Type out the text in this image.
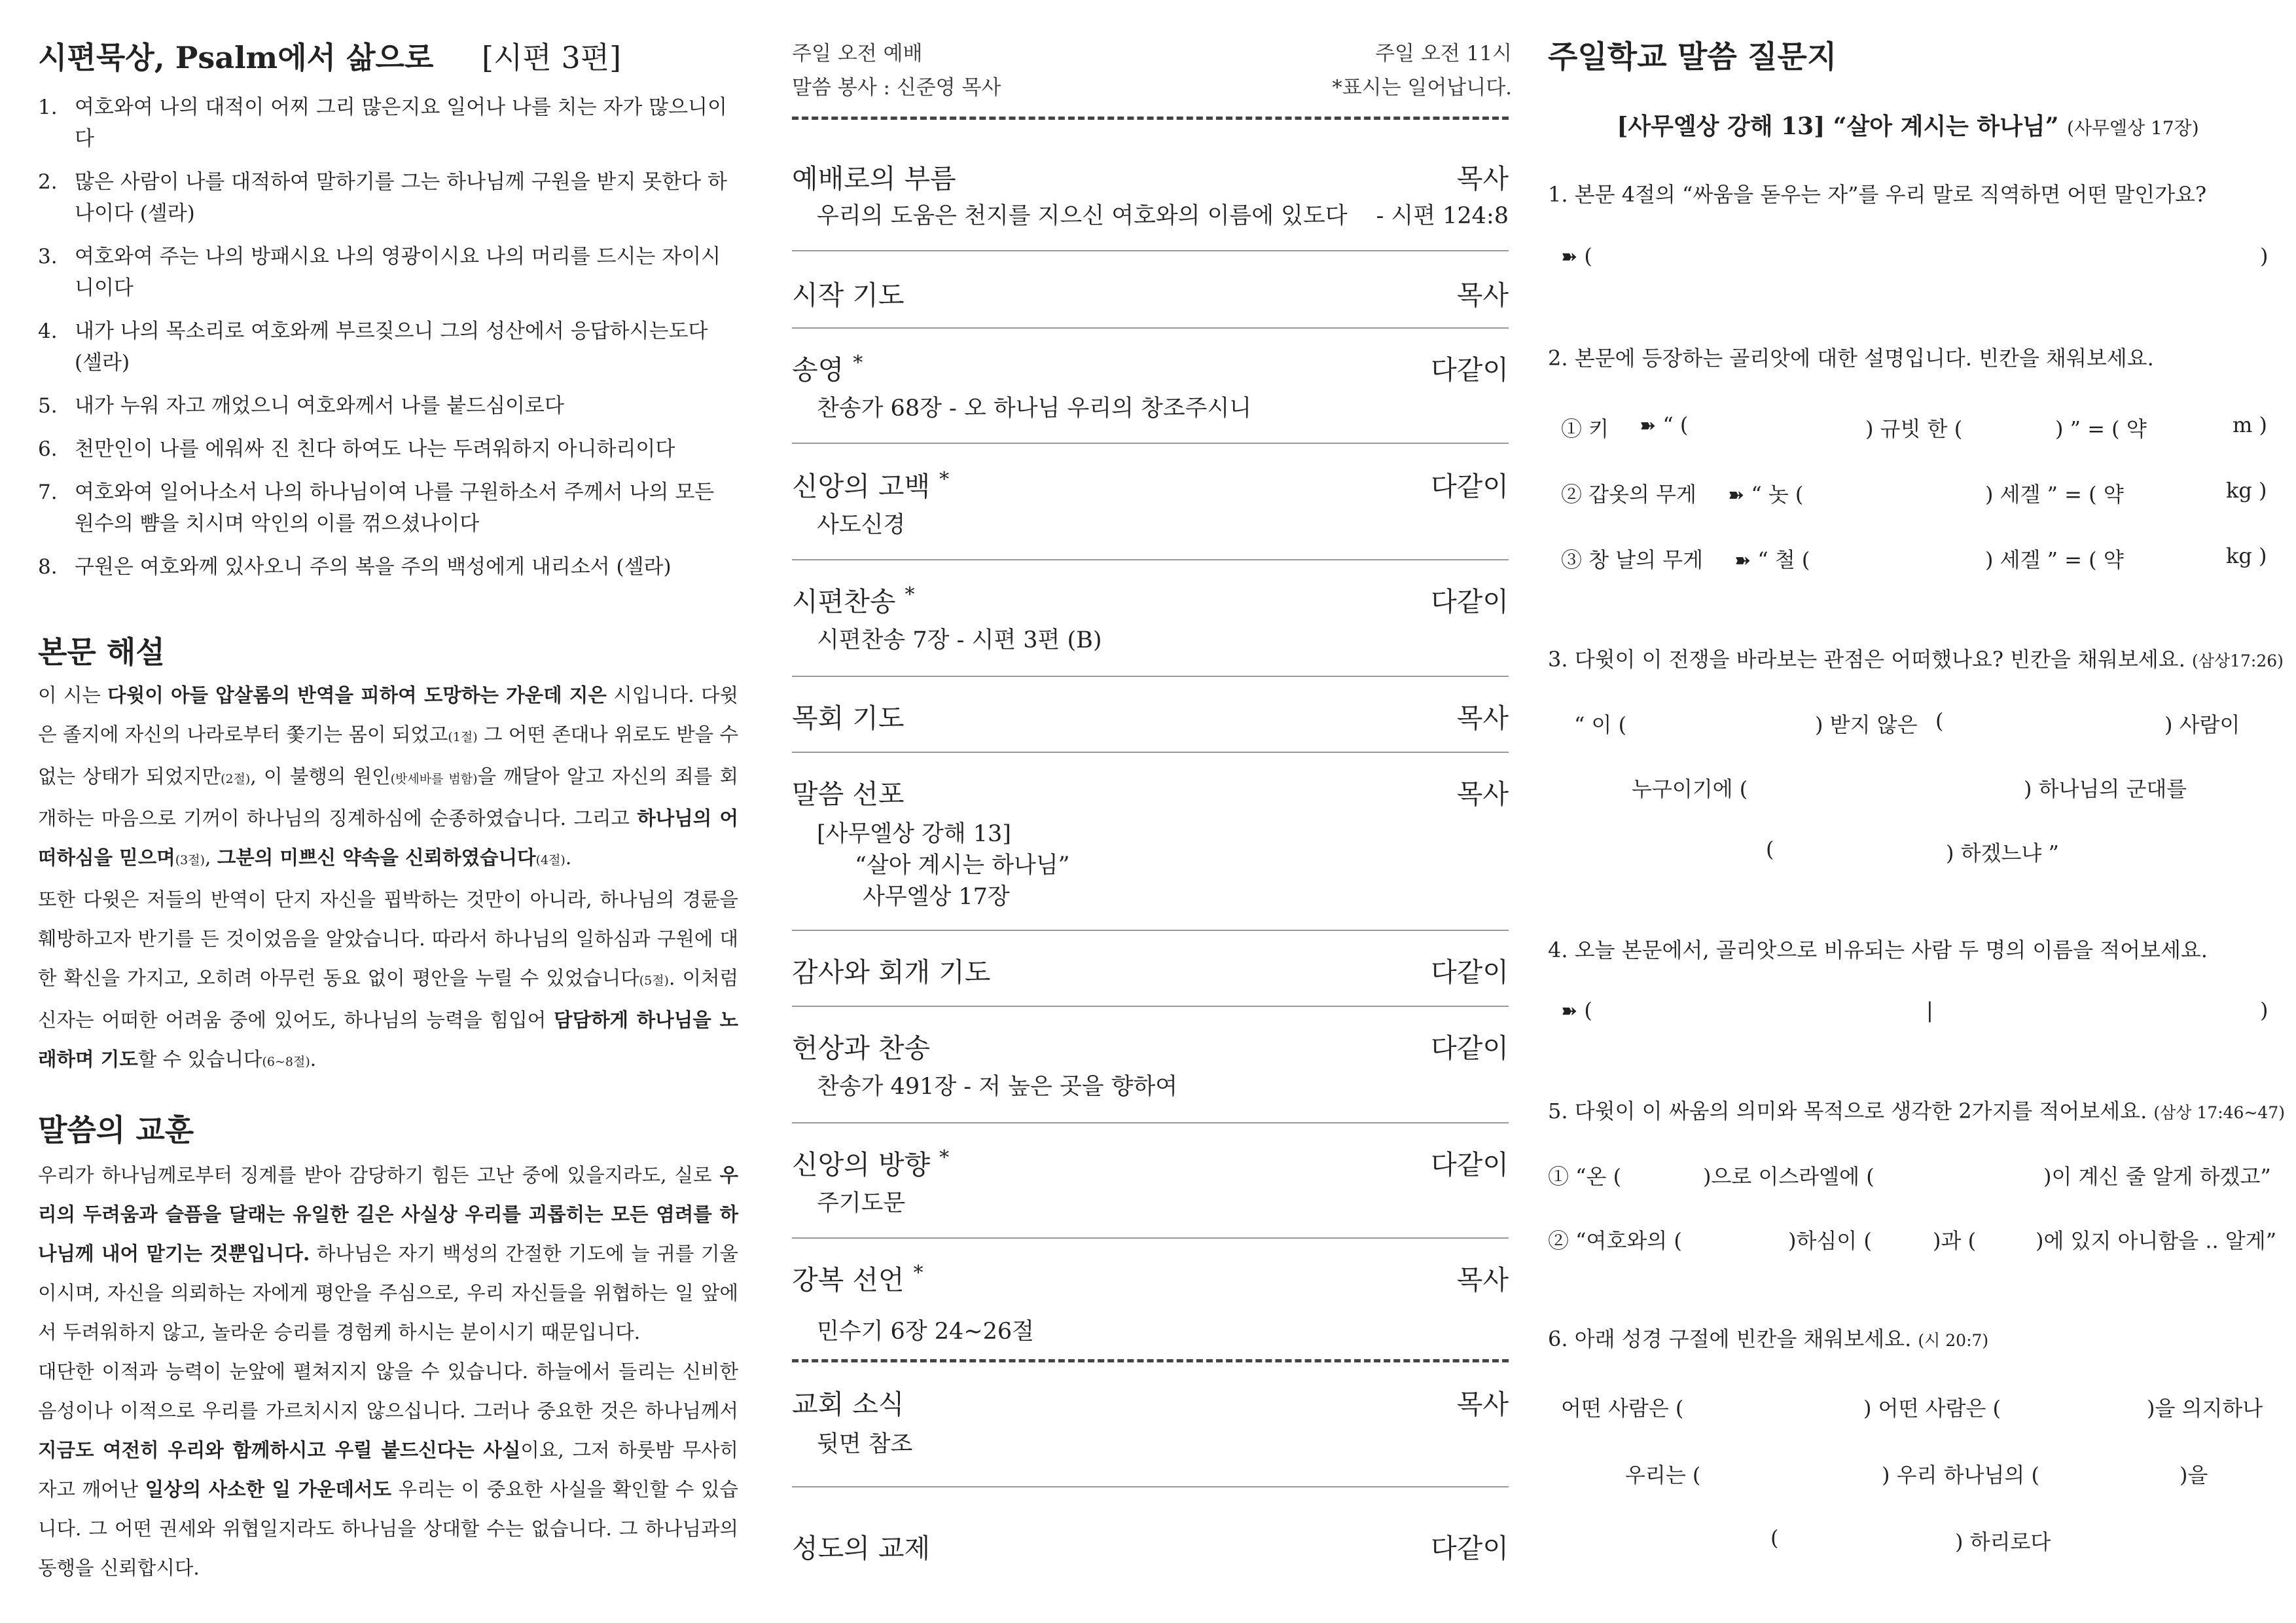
시편묵상, Psalm에서 삶으로 [시편 3편]
1. 여호와여 나의 대적이 어찌 그리 많은지요 일어나 나를 치는 자가 많으니이다
2. 많은 사람이 나를 대적하여 말하기를 그는 하나님께 구원을 받지 못한다 하나이다 (셀라)
3. 여호와여 주는 나의 방패시요 나의 영광이시요 나의 머리를 드시는 자이시니이다
4. 내가 나의 목소리로 여호와께 부르짖으니 그의 성산에서 응답하시는도다 (셀라)
5. 내가 누워 자고 깨었으니 여호와께서 나를 붙드심이로다
6. 천만인이 나를 에워싸 진 친다 하여도 나는 두려워하지 아니하리이다
7. 여호와여 일어나소서 나의 하나님이여 나를 구원하소서 주께서 나의 모든 원수의 뺨을 치시며 악인의 이를 꺾으셨나이다
8. 구원은 여호와께 있사오니 주의 복을 주의 백성에게 내리소서 (셀라)
본문 해설

이 시는 다윗이 아들 압살롬의 반역을 피하여 도망하는 가운데 지은 시입니다. 다윗은 졸지에 자신의 나라로부터 쫓기는 몸이 되었고(1절) 그 어떤 존대나 위로도 받을 수 없는 상태가 되었지만(2절), 이 불행의 원인(밧세바를 범함)을 깨달아 알고 자신의 죄를 회개하는 마음으로 기꺼이 하나님의 징계하심에 순종하였습니다. 그리고 하나님의 어떠하심을 믿으며(3절), 그분의 미쁘신 약속을 신뢰하였습니다(4절).

또한 다윗은 저들의 반역이 단지 자신을 핍박하는 것만이 아니라, 하나님의 경륜을 훼방하고자 반기를 든 것이었음을 알았습니다. 따라서 하나님의 일하심과 구원에 대한 확신을 가지고, 오히려 아무런 동요 없이 평안을 누릴 수 있었습니다(5절). 이처럼 신자는 어떠한 어려움 중에 있어도, 하나님의 능력을 힘입어 담담하게 하나님을 노래하며 기도할 수 있습니다(6~8절).

말씀의 교훈

우리가 하나님께로부터 징계를 받아 감당하기 힘든 고난 중에 있을지라도, 실로 우리의 두려움과 슬픔을 달래는 유일한 길은 사실상 우리를 괴롭히는 모든 염려를 하나님께 내어 맡기는 것뿐입니다. 하나님은 자기 백성의 간절한 기도에 늘 귀를 기울이시며, 자신을 의뢰하는 자에게 평안을 주심으로, 우리 자신들을 위협하는 일 앞에서 두려워하지 않고, 놀라운 승리를 경험케 하시는 분이시기 때문입니다.

대단한 이적과 능력이 눈앞에 펼쳐지지 않을 수 있습니다. 하늘에서 들리는 신비한 음성이나 이적으로 우리를 가르치시지 않으십니다. 그러나 중요한 것은 하나님께서 지금도 여전히 우리와 함께하시고 우릴 붙드신다는 사실이요, 그저 하룻밤 무사히 자고 깨어난 일상의 사소한 일 가운데서도 우리는 이 중요한 사실을 확인할 수 있습니다. 그 어떤 권세와 위협일지라도 하나님을 상대할 수는 없습니다. 그 하나님과의 동행을 신뢰합시다.

주일 오전 예배	주일 오전 11시
말씀 봉사 : 신준영 목사	*표시는 일어납니다.
예배로의 부름	목사
우리의 도움은 천지를 지으신 여호와의 이름에 있도다 - 시편 124:8
시작 기도	목사
송영 *	다같이
찬송가 68장 - 오 하나님 우리의 창조주시니
신앙의 고백 *	다같이
사도신경
시편찬송 *	다같이
시편찬송 7장 - 시편 3편 (B)
목회 기도	목사
말씀 선포	목사
[사무엘상 강해 13]
“살아 계시는 하나님”
사무엘상 17장
감사와 회개 기도	다같이
헌상과 찬송	다같이
찬송가 491장 - 저 높은 곳을 향하여
신앙의 방향 *	다같이
주기도문
강복 선언 *	목사
민수기 6장 24~26절
교회 소식	목사
뒷면 참조
성도의 교제	다같이
주일학교 말씀 질문지
[사무엘상 강해 13] “살아 계시는 하나님” (사무엘상 17장)
1. 본문 4절의 “싸움을 돋우는 자”를 우리 말로 직역하면 어떤 말인가요?
➽ (	)
2. 본문에 등장하는 골리앗에 대한 설명입니다. 빈칸을 채워보세요.
① 키 ➽ “ (	) 규빗 한 (	) ” = ( 약	m )
② 갑옷의 무게 ➽ “ 놋 (	) 세겔 ” = ( 약	kg )
③ 창 날의 무게 ➽ “ 철 (	) 세겔 ” = ( 약	kg )
3. 다윗이 이 전쟁을 바라보는 관점은 어떠했나요? 빈칸을 채워보세요. (삼상17:26)
“ 이 (	) 받지 않은 (	) 사람이
누구이기에 (	) 하나님의 군대를
(	) 하겠느냐 ”
4. 오늘 본문에서, 골리앗으로 비유되는 사람 두 명의 이름을 적어보세요.
➽ (	|	)
5. 다윗이 이 싸움의 의미와 목적으로 생각한 2가지를 적어보세요. (삼상 17:46~47)
① “온 (	)으로 이스라엘에 (	)이 계신 줄 알게 하겠고”
② “여호와의 (	)하심이 (	)과 (	)에 있지 아니함을 .. 알게”
6. 아래 성경 구절에 빈칸을 채워보세요. (시 20:7)
어떤 사람은 (	) 어떤 사람은 (	)을 의지하나
우리는 (	) 우리 하나님의 (	)을
(	) 하리로다
